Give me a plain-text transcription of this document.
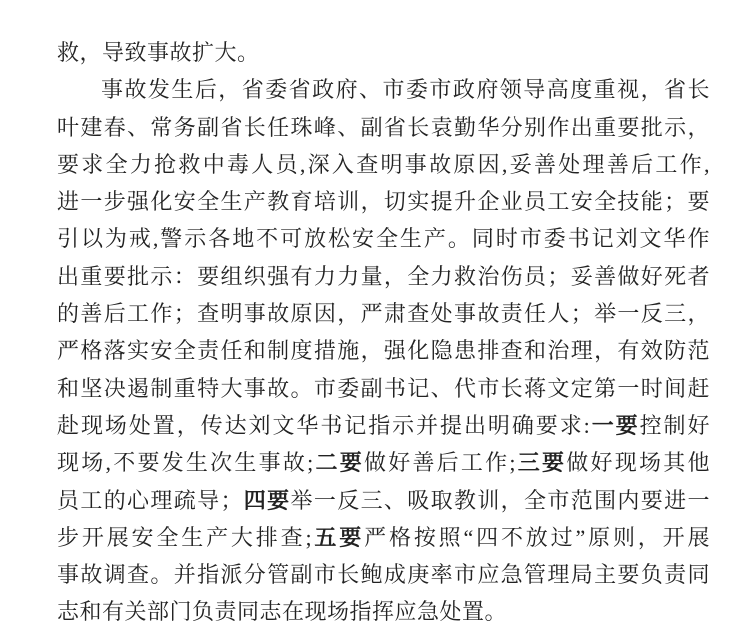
救，导致事故扩大。
事故发生后，省委省政府、市委市政府领导高度重视，省长
叶建春、常务副省长任珠峰、副省长袁勤华分别作出重要批示，
要求全力抢救中毒人员,深入查明事故原因,妥善处理善后工作,
进一步强化安全生产教育培训，切实提升企业员工安全技能；要
引以为戒,警示各地不可放松安全生产。同时市委书记刘文华作
出重要批示：要组织强有力力量，全力救治伤员；妥善做好死者
的善后工作；查明事故原因，严肃查处事故责任人；举一反三，
严格落实安全责任和制度措施，强化隐患排查和治理，有效防范
和坚决遏制重特大事故。市委副书记、代市长蒋文定第一时间赶
赴现场处置，传达刘文华书记指示并提出明确要求:一要控制好
现场,不要发生次生事故;二要做好善后工作;三要做好现场其他
员工的心理疏导；四要举一反三、吸取教训，全市范围内要进一
步开展安全生产大排查;五要严格按照“四不放过”原则，开展
事故调查。并指派分管副市长鲍成庚率市应急管理局主要负责同
志和有关部门负责同志在现场指挥应急处置。
